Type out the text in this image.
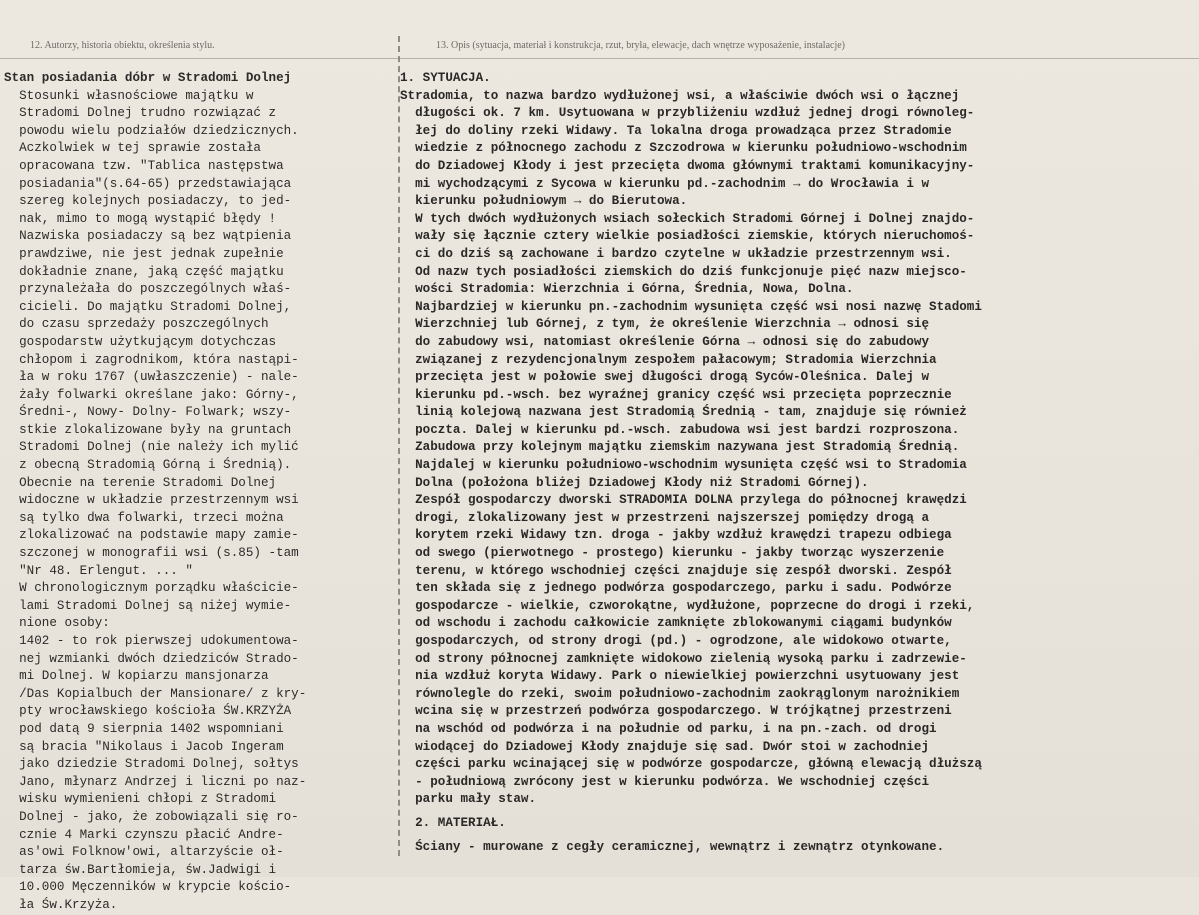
12. Autorzy, historia obiektu, określenia stylu.
Stan posiadania dóbr w Stradomi Dolnej
Stosunki własnościowe majątku w
Stradomi Dolnej trudno rozwiązać z
powodu wielu podziałów dziedzicznych.
Aczkolwiek w tej sprawie została
opracowana tzw. "Tablica następstwa
posiadania"(s.64-65) przedstawiająca
szereg kolejnych posiadaczy, to jed-
nak, mimo to mogą wystąpić błędy !
Nazwiska posiadaczy są bez wątpienia
prawdziwe, nie jest jednak zupełnie
dokładnie znane, jaką część majątku
przynależała do poszczególnych właś-
cicieli. Do majątku Stradomi Dolnej,
do czasu sprzedaży poszczególnych
gospodarstw użytkującym dotychczas
chłopom i zagrodnikom, która nastąpi-
ła w roku 1767 (uwłaszczenie) - nale-
żały folwarki określane jako: Górny-,
Średni-, Nowy- Dolny- Folwark; wszy-
stkie zlokalizowane były na gruntach
Stradomi Dolnej (nie należy ich mylić
z obecną Stradomią Górną i Średnią).
Obecnie na terenie Stradomi Dolnej
widoczne w układzie przestrzennym wsi
są tylko dwa folwarki, trzeci można
zlokalizować na podstawie mapy zamie-
szczonej w monografii wsi (s.85) -tam
"Nr 48. Erlengut. ... "
W chronologicznym porządku właściciе-
lami Stradomi Dolnej są niżej wymie-
nione osoby:
1402 - to rok pierwszej udokumentowa-
nej wzmianki dwóch dziedziców Strado-
mi Dolnej. W kopiarzu mansjonarza
/Das Kopialbuch der Mansionare/ z kry-
pty wrocławskiego kościoła ŚW.KRZYŻA
pod datą 9 sierpnia 1402 wspomniani
są bracia "Nikolaus i Jacob Ingeram
jako dziedzie Stradomi Dolnej, sołtys
Jano, młynarz Andrzej i liczni po naz-
wisku wymienieni chłopi z Stradomi
Dolnej - jako, że zobowiązali się ro-
cznie 4 Marki czynszu płacić Andre-
as'owi Folknow'owi, altarzyście oł-
tarza św.Bartłomieja, św.Jadwigi i
10.000 Męczenników w krypcie kościo-
ła Św.Krzyża.
13. Opis (sytuacja, materiał i konstrukcja, rzut, bryła, elewacje, dach wnętrze wyposażenie, instalacje)
1. SYTUACJA.
Stradomia, to nazwa bardzo wydłużonej wsi, a właściwie dwóch wsi o łącznej
długości ok. 7 km. Usytuowana w przybliżeniu wzdłuż jednej drogi równoleg-
łej do doliny rzeki Widawy. Ta lokalna droga prowadząca przez Stradomie
wiedzie z północnego zachodu z Szczodrowa w kierunku południowo-wschodnim
do Dziadowej Kłody i jest przecięta dwoma głównymi traktami komunikacyjny-
mi wychodzącymi z Sycowa w kierunku pd.-zachodnim → do Wrocławia i w
kierunku południowym → do Bierutowa.
W tych dwóch wydłużonych wsiach sołeckich Stradomi Górnej i Dolnej znajdo-
wały się łącznie cztery wielkie posiadłości ziemskie, których nieruchomoś-
ci do dziś są zachowane i bardzo czytelne w układzie przestrzennym wsi.
Od nazw tych posiadłości ziemskich do dziś funkcjonuje pięć nazw miejsco-
wości Stradomia: Wierzchnia i Górna, Średnia, Nowa, Dolna.
Najbardziej w kierunku pn.-zachodnim wysunięta część wsi nosi nazwę Stadomi
Wierzchniej lub Górnej, z tym, że określenie Wierzchnia → odnosi się
do zabudowy wsi, natomiast określenie Górna → odnosi się do zabudowy
związanej z rezydencjonalnym zespołem pałacowym; Stradomia Wierzchnia
przecięta jest w połowie swej długości drogą Syców-Oleśnica. Dalej w
kierunku pd.-wsch. bez wyraźnej granicy część wsi przecięta poprzecznie
linią kolejową nazwana jest Stradomią Średnią - tam, znajduje się również
poczta. Dalej w kierunku pd.-wsch. zabudowa wsi jest bardzi rozproszona.
Zabudowa przy kolejnym majątku ziemskim nazywana jest Stradomią Średnią.
Najdalej w kierunku południowo-wschodnim wysunięta część wsi to Stradomia
Dolna (położona bliżej Dziadowej Kłody niż Stradomi Górnej).
Zespół gospodarczy dworski STRADOMIA DOLNA przylega do północnej krawędzi
drogi, zlokalizowany jest w przestrzeni najszerszej pomiędzy drogą a
korytem rzeki Widawy tzn. droga - jakby wzdłuż krawędzi trapezu odbiega
od swego (pierwotnego - prostego) kierunku - jakby tworząc wyszerzenie
terenu, w którego wschodniej części znajduje się zespół dworski. Zespół
ten składa się z jednego podwórza gospodarczego, parku i sadu. Podwórze
gospodarcze - wielkie, czworokątne, wydłużone, poprzecne do drogi i rzeki,
od wschodu i zachodu całkowicie zamknięte zblokowanymi ciągami budynków
gospodarczych, od strony drogi (pd.) - ogrodzone, ale widokowo otwarte,
od strony północnej zamknięte widokowo zielenią wysoką parku i zadrzewie-
nia wzdłuż koryta Widawy. Park o niewielkiej powierzchni usytuowany jest
równolegle do rzeki, swoim południowo-zachodnim zaokrąglonym narożnikiem
wcina się w przestrzeń podwórza gospodarczego. W trójkątnej przestrzeni
na wschód od podwórza i na południe od parku, i na pn.-zach. od drogi
wiodącej do Dziadowej Kłody znajduje się sad. Dwór stoi w zachodniej
części parku wcinającej się w podwórze gospodarcze, główną elewacją dłuższą
- południową zwrócony jest w kierunku podwórza. We wschodniej części
parku mały staw.
2. MATERIAŁ.
Ściany - murowane z cegły ceramicznej, wewnątrz i zewnątrz otynkowane.
